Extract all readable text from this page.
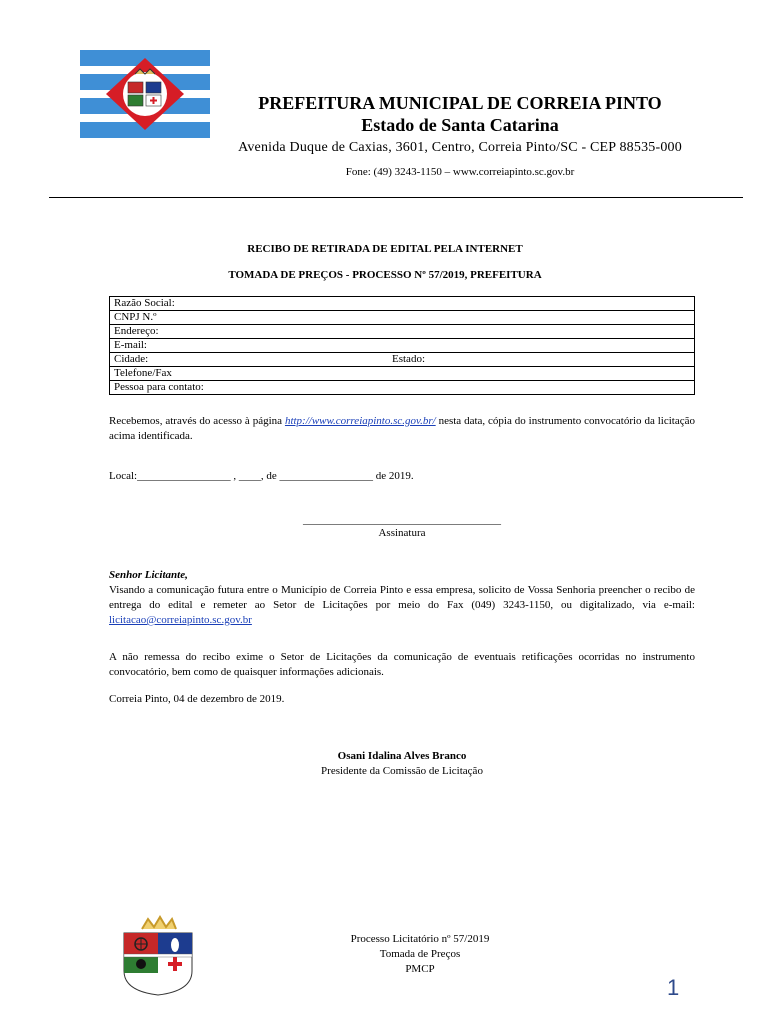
PREFEITURA MUNICIPAL DE CORREIA PINTO
Estado de Santa Catarina
Avenida Duque de Caxias, 3601, Centro, Correia Pinto/SC - CEP 88535-000
Fone: (49) 3243-1150 – www.correiapinto.sc.gov.br
RECIBO DE RETIRADA DE EDITAL PELA INTERNET
TOMADA DE PREÇOS - PROCESSO Nº 57/2019, PREFEITURA
Razão Social:
CNPJ N.º
Endereço:
E-mail:
Cidade:	Estado:
Telefone/Fax
Pessoa para contato:
Recebemos, através do acesso à página http://www.correiapinto.sc.gov.br/ nesta data, cópia do instrumento convocatório da licitação acima identificada.
Local:_________________ , ____, de _________________ de 2019.
____________________________________
Assinatura
Senhor Licitante,
Visando a comunicação futura entre o Município de Correia Pinto e essa empresa, solicito de Vossa Senhoria preencher o recibo de entrega do edital e remeter ao Setor de Licitações por meio do Fax (049) 3243-1150, ou digitalizado, via e-mail: licitacao@correiapinto.sc.gov.br
A não remessa do recibo exime o Setor de Licitações da comunicação de eventuais retificações ocorridas no instrumento convocatório, bem como de quaisquer informações adicionais.
Correia Pinto, 04 de dezembro de 2019.
Osani Idalina Alves Branco
Presidente da Comissão de Licitação
Processo Licitatório nº 57/2019
Tomada de Preços
PMCP
1
